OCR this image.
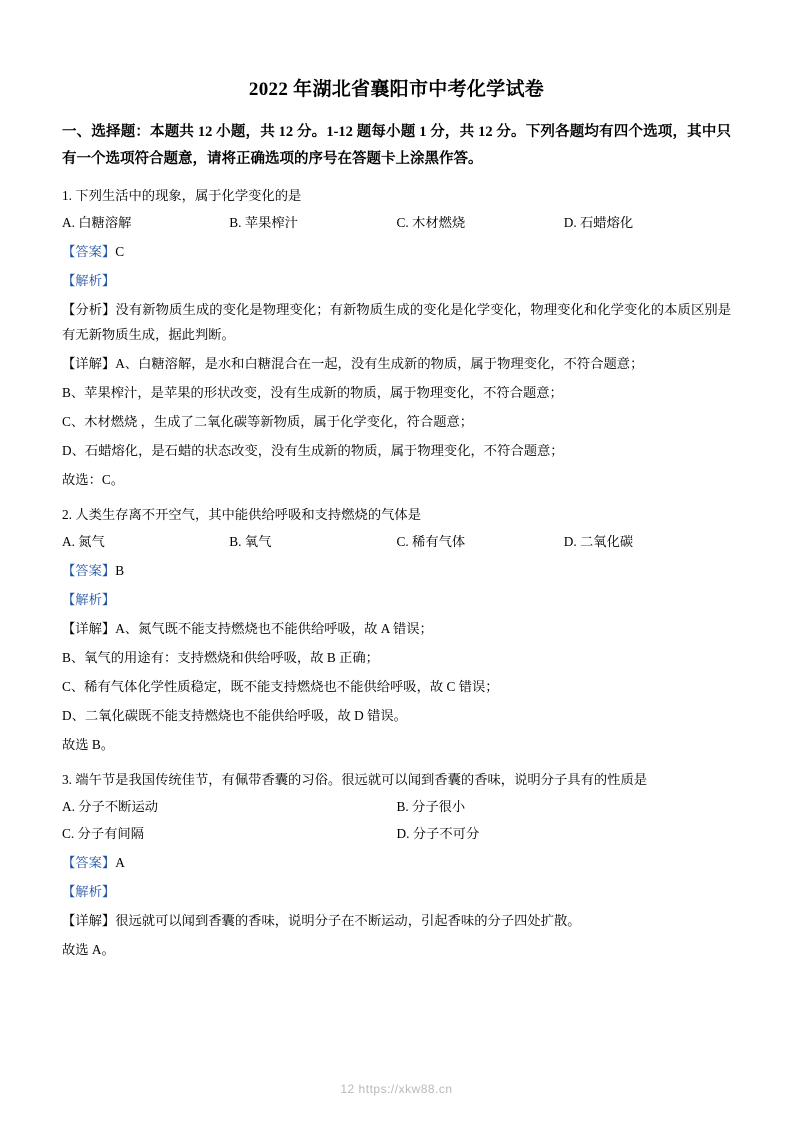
2022 年湖北省襄阳市中考化学试卷
一、选择题：本题共 12 小题，共 12 分。1-12 题每小题 1 分，共 12 分。下列各题均有四个选项，其中只有一个选项符合题意，请将正确选项的序号在答题卡上涂黑作答。
1. 下列生活中的现象，属于化学变化的是
A. 白糖溶解	B. 苹果榨汁	C. 木材燃烧	D. 石蜡熔化
【答案】C
【解析】
【分析】没有新物质生成的变化是物理变化；有新物质生成的变化是化学变化，物理变化和化学变化的本质区别是有无新物质生成，据此判断。
【详解】A、白糖溶解，是水和白糖混合在一起，没有生成新的物质，属于物理变化，不符合题意；
B、苹果榨汁，是苹果的形状改变，没有生成新的物质，属于物理变化，不符合题意；
C、木材燃烧 ，生成了二氧化碳等新物质，属于化学变化，符合题意；
D、石蜡熔化，是石蜡的状态改变，没有生成新的物质，属于物理变化，不符合题意；
故选：C。
2. 人类生存离不开空气，其中能供给呼吸和支持燃烧的气体是
A. 氮气	B. 氧气	C. 稀有气体	D. 二氧化碳
【答案】B
【解析】
【详解】A、氮气既不能支持燃烧也不能供给呼吸，故 A 错误；
B、氧气的用途有：支持燃烧和供给呼吸，故 B 正确；
C、稀有气体化学性质稳定，既不能支持燃烧也不能供给呼吸，故 C 错误；
D、二氧化碳既不能支持燃烧也不能供给呼吸，故 D 错误。
故选 B。
3. 端午节是我国传统佳节，有佩带香囊的习俗。很远就可以闻到香囊的香味，说明分子具有的性质是
A. 分子不断运动	B. 分子很小
C. 分子有间隔	D. 分子不可分
【答案】A
【解析】
【详解】很远就可以闻到香囊的香味，说明分子在不断运动，引起香味的分子四处扩散。
故选 A。
12 https://xkw88.cn
